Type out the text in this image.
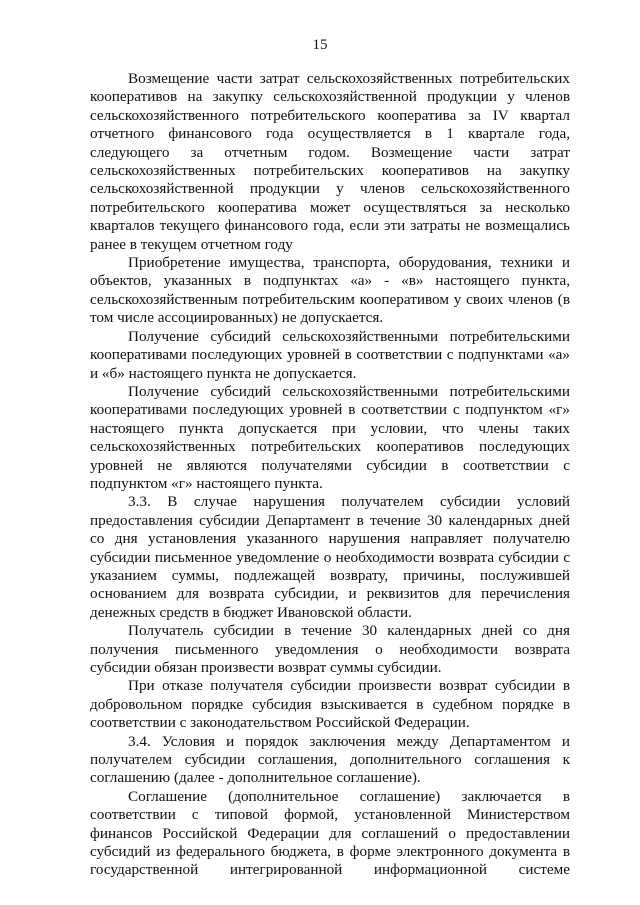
15

Возмещение части затрат сельскохозяйственных потребительских кооперативов на закупку сельскохозяйственной продукции у членов сельскохозяйственного потребительского кооператива за IV квартал отчетного финансового года осуществляется в 1 квартале года, следующего за отчетным годом. Возмещение части затрат сельскохозяйственных потребительских кооперативов на закупку сельскохозяйственной продукции у членов сельскохозяйственного потребительского кооператива может осуществляться за несколько кварталов текущего финансового года, если эти затраты не возмещались ранее в текущем отчетном году

Приобретение имущества, транспорта, оборудования, техники и объектов, указанных в подпунктах «а» - «в» настоящего пункта, сельскохозяйственным потребительским кооперативом у своих членов (в том числе ассоциированных) не допускается.

Получение субсидий сельскохозяйственными потребительскими кооперативами последующих уровней в соответствии с подпунктами «а» и «б» настоящего пункта не допускается.

Получение субсидий сельскохозяйственными потребительскими кооперативами последующих уровней в соответствии с подпунктом «г» настоящего пункта допускается при условии, что члены таких сельскохозяйственных потребительских кооперативов последующих уровней не являются получателями субсидии в соответствии с подпунктом «г» настоящего пункта.

3.3. В случае нарушения получателем субсидии условий предоставления субсидии Департамент в течение 30 календарных дней со дня установления указанного нарушения направляет получателю субсидии письменное уведомление о необходимости возврата субсидии с указанием суммы, подлежащей возврату, причины, послужившей основанием для возврата субсидии, и реквизитов для перечисления денежных средств в бюджет Ивановской области.

Получатель субсидии в течение 30 календарных дней со дня получения письменного уведомления о необходимости возврата субсидии обязан произвести возврат суммы субсидии.

При отказе получателя субсидии произвести возврат субсидии в добровольном порядке субсидия взыскивается в судебном порядке в соответствии с законодательством Российской Федерации.

3.4. Условия и порядок заключения между Департаментом и получателем субсидии соглашения, дополнительного соглашения к соглашению (далее - дополнительное соглашение).

Соглашение (дополнительное соглашение) заключается в соответствии с типовой формой, установленной Министерством финансов Российской Федерации для соглашений о предоставлении субсидий из федерального бюджета, в форме электронного документа в государственной интегрированной информационной системе
